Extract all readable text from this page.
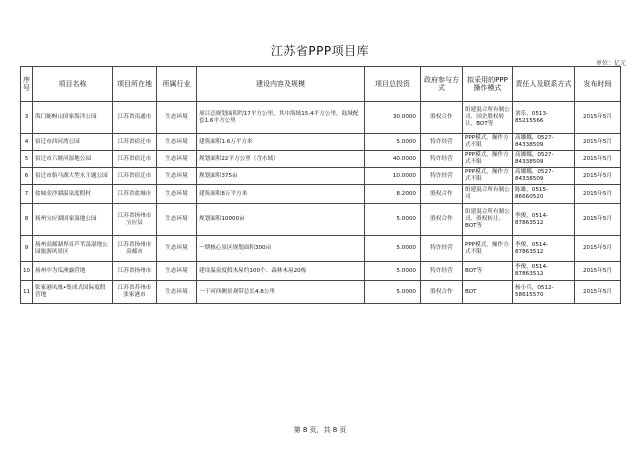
江苏省PPP项目库
单位：亿元
序号	项目名称	项目所在地	所属行业	建设内容及规模	项目总投资	政府参与方式	拟采用的PPP操作模式	责任人及联系方式	发布时间
3	海门蛎岈山国家海洋公园	江苏省南通市	生态环境	项目总规划面积约17平方公里，其中海域15.4平方公里，陆域配套1.6平方公里	30.0000	股权合作	组建混合所有制公司、国企股权转让，BOT等	刘乐，0513-85215566	2015年5月
4	宿迁市西河湾公园	江苏省宿迁市	生态环境	建筑面积1.6万平方米	5.0000	特许经营	PPP模式，操作方式不限	高娜娜，0527-84338509	2015年5月
5	宿迁市六塘河湿地公园	江苏省宿迁市	生态环境	规划面积22平方公里（含水域）	40.0000	特许经营	PPP模式，操作方式不限	高娜娜，0527-84338509	2015年5月
6	宿迁市骆马湖大型水主题公园	江苏省宿迁市	生态环境	规划面积375亩	10.0000	特许经营	PPP模式，操作方式不限	高娜娜，0527-84338509	2015年5月
7	盐城金沙湖温泉度假村	江苏省盐城市	生态环境	建筑面积8万平方米	8.2000	股权合作	组建混合所有制公司	陈雄，0515-86660520	2015年5月
8	扬州宝应湖国家湿地公园	江苏省扬州市宝应县	生态环境	规划面积10000亩	5.0000	股权合作	组建混合所有制公司、股权转让、BOT等	李俊，0514-87863512	2015年5月
9	扬州高邮湖界首芦苇荡湿地公园旅游风景区	江苏省扬州市高邮市	生态环境	一期核心景区规划面积300亩	5.0000	特许经营	PPP模式，操作方式不限	李俊，0514-87863512	2015年5月
10	扬州中为瓜洲露营地	江苏省扬州市	生态环境	建设温泉度假木屋约100个、森林木屋20栋	5.0000	特许经营	BOT等	李俊，0514-87863512	2015年5月
11	张家港凤凰•集成式国际度假营地	江苏省苏州市张家港市	生态环境	一干河西侧景观带总长4.8公里	5.0000	股权合作	BOT	杨小兵，0512-58615570	2015年5月
第 8 页，共 8 页
